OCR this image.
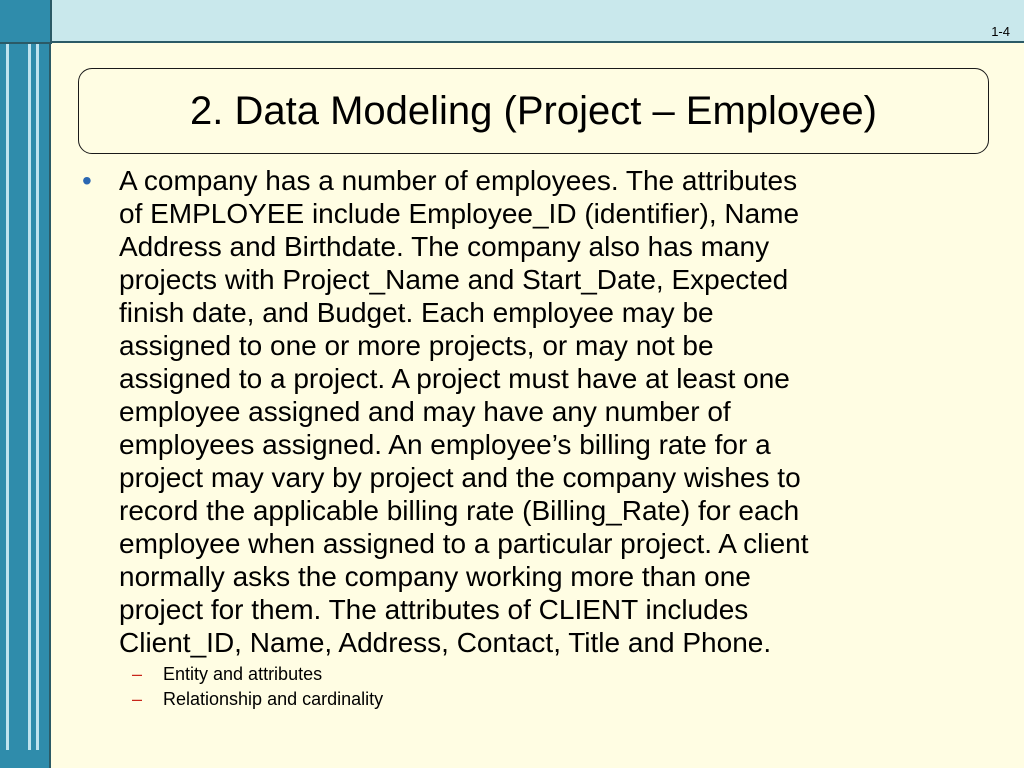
1-4
2. Data Modeling (Project – Employee)
• A company has a number of employees. The attributes
of EMPLOYEE include Employee_ID (identifier), Name
Address and Birthdate. The company also has many
projects with Project_Name and Start_Date, Expected
finish date, and Budget. Each employee may be
assigned to one or more projects, or may not be
assigned to a project. A project must have at least one
employee assigned and may have any number of
employees assigned. An employee’s billing rate for a
project may vary by project and the company wishes to
record the applicable billing rate (Billing_Rate) for each
employee when assigned to a particular project. A client
normally asks the company working more than one
project for them. The attributes of CLIENT includes
Client_ID, Name, Address, Contact, Title and Phone.
– Entity and attributes
– Relationship and cardinality
